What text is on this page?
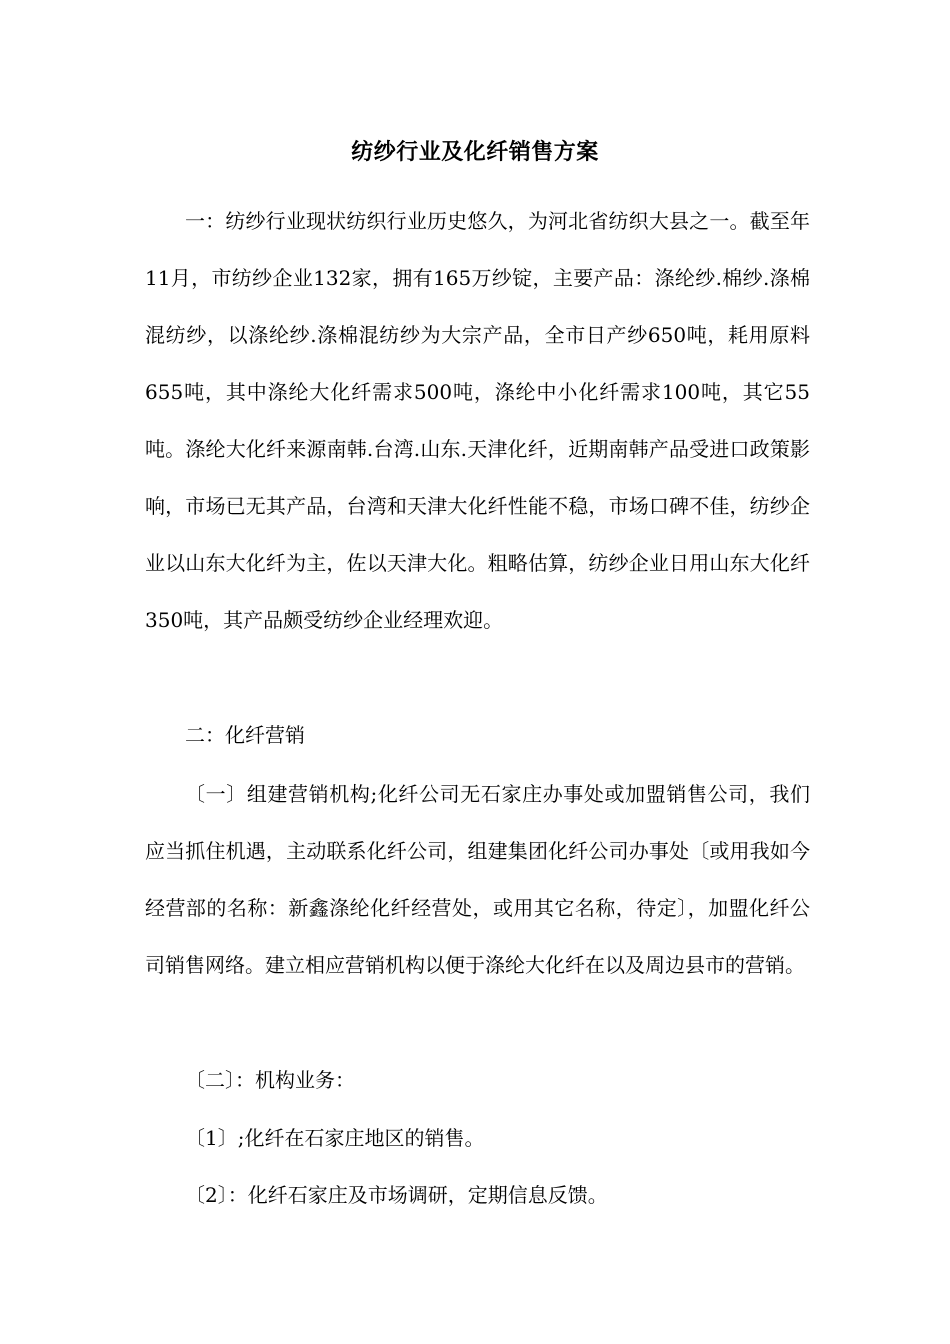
纺纱行业及化纤销售方案

一：纺纱行业现状纺织行业历史悠久，为河北省纺织大县之一。截至年11月，市纺纱企业132家，拥有165万纱锭，主要产品：涤纶纱.棉纱.涤棉混纺纱，以涤纶纱.涤棉混纺纱为大宗产品，全市日产纱650吨，耗用原料655吨，其中涤纶大化纤需求500吨，涤纶中小化纤需求100吨，其它55吨。涤纶大化纤来源南韩.台湾.山东.天津化纤，近期南韩产品受进口政策影响，市场已无其产品，台湾和天津大化纤性能不稳，市场口碑不佳，纺纱企业以山东大化纤为主，佐以天津大化。粗略估算，纺纱企业日用山东大化纤350吨，其产品颇受纺纱企业经理欢迎。

二：化纤营销

〔一〕组建营销机构;化纤公司无石家庄办事处或加盟销售公司，我们应当抓住机遇，主动联系化纤公司，组建集团化纤公司办事处〔或用我如今经营部的名称：新鑫涤纶化纤经营处，或用其它名称，待定〕，加盟化纤公司销售网络。建立相应营销机构以便于涤纶大化纤在以及周边县市的营销。

〔二〕：机构业务：

〔1〕;化纤在石家庄地区的销售。

〔2〕：化纤石家庄及市场调研，定期信息反馈。
